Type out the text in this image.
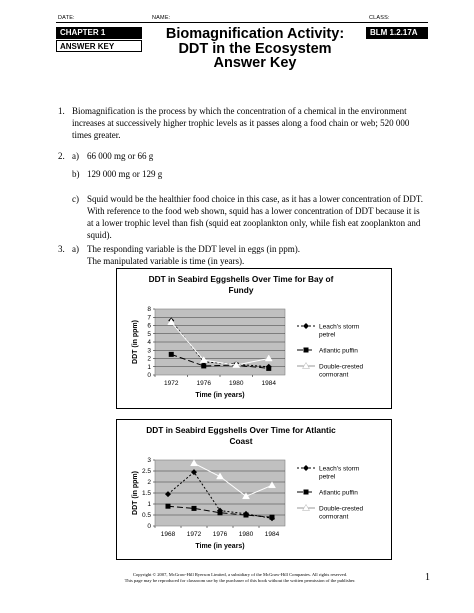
DATE:	NAME:	CLASS:
CHAPTER 1
ANSWER KEY
Biomagnification Activity:
DDT in the Ecosystem
Answer Key
BLM 1.2.17A
1. Biomagnification is the process by which the concentration of a chemical in the environment
increases at successively higher trophic levels as it passes along a food chain or web; 520 000
times greater.
2. a) 66 000 mg or 66 g
b) 129 000 mg or 129 g
c) Squid would be the healthier food choice in this case, as it has a lower concentration of DDT.
With reference to the food web shown, squid has a lower concentration of DDT because it is
at a lower trophic level than fish (squid eat zooplankton only, while fish eat zooplankton and
squid).
3. a) The responding variable is the DDT level in eggs (in ppm).
The manipulated variable is time (in years).
DDT in Seabird Eggshells Over Time for Bay of
Fundy
0
1
2
3
4
5
6
7
8
1972	1976	1980	1984
Time (in years)
DDT (in ppm)	Leach's storm
petrel
Atlantic puffin
Double-crested
cormorant
DDT in Seabird Eggshells Over Time for Atlantic
Coast
0
0.5
1
1.5
2
2.5
3
1968 1972 1976 1980 1984
Time (in years)
DDT (in ppm)
Leach's storm
petrel
Atlantic puffin
Double-crested
cormorant
Copyright © 2007, McGraw-Hill Ryerson Limited, a subsidiary of the McGraw-Hill Companies. All rights reserved.
This page may be reproduced for classroom use by the purchaser of this book without the written permission of the publisher.	1
